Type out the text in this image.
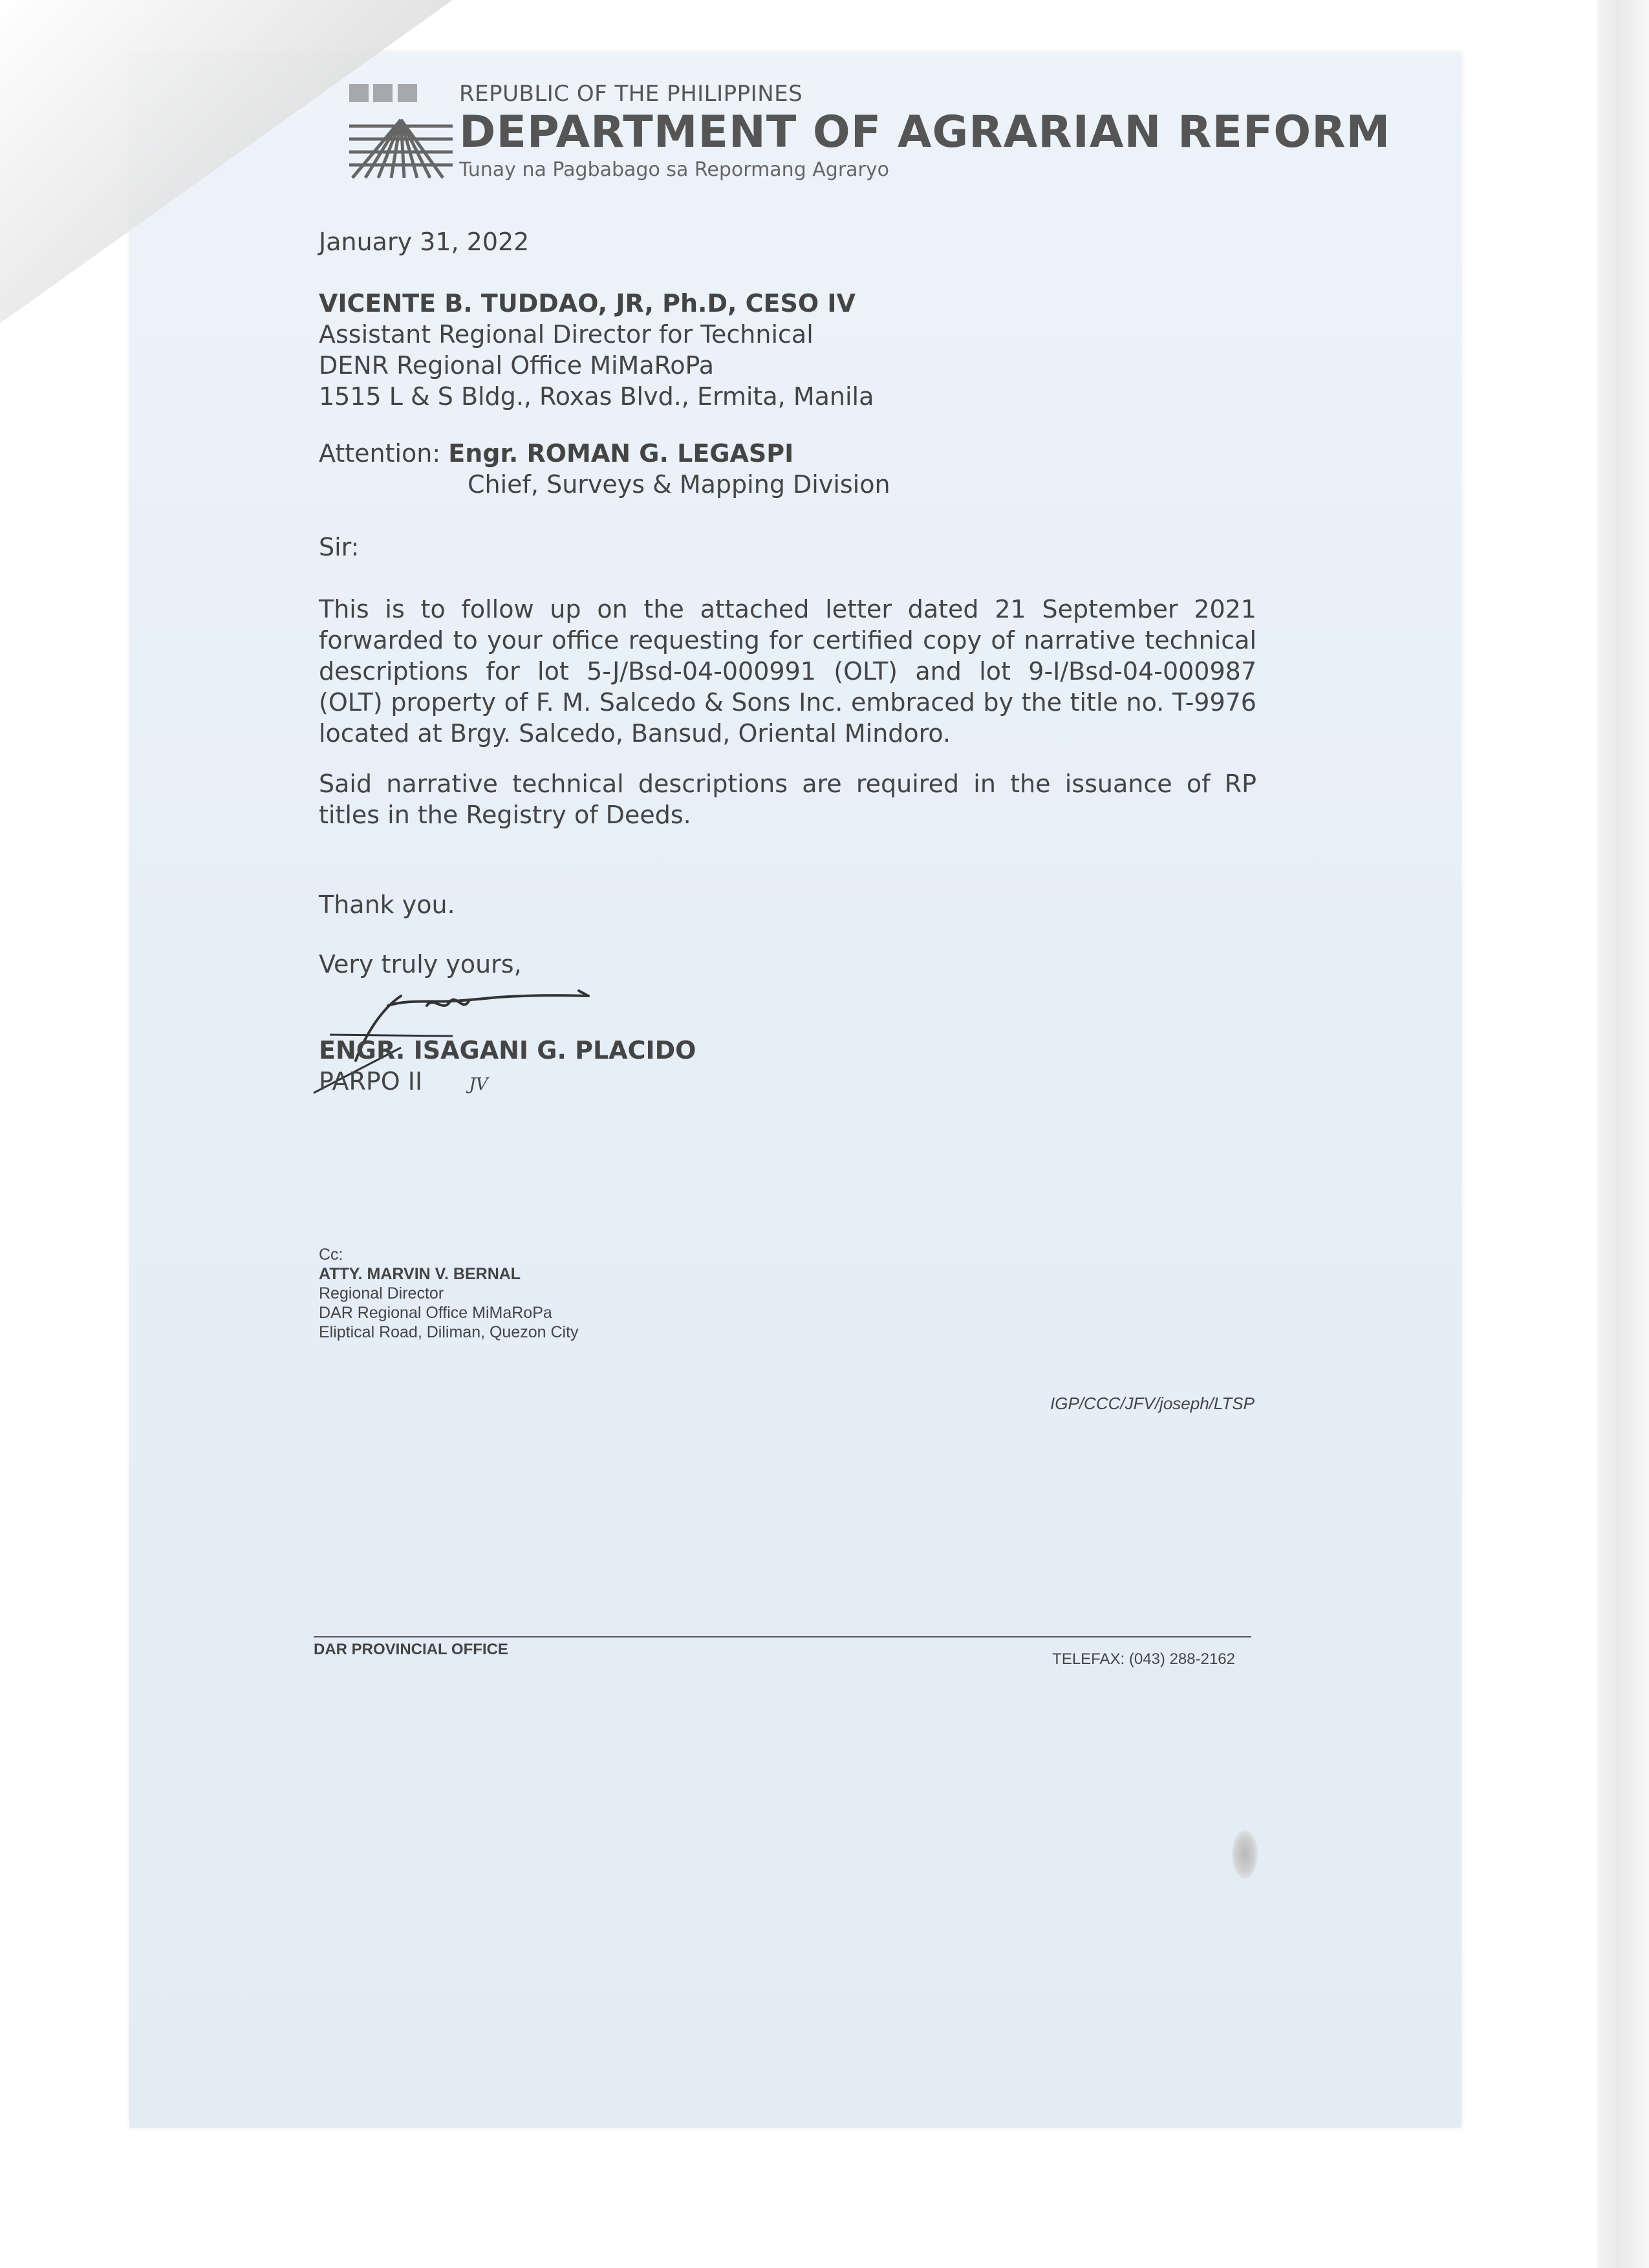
REPUBLIC OF THE PHILIPPINES
DEPARTMENT OF AGRARIAN REFORM
Tunay na Pagbabago sa Repormang Agraryo
January 31, 2022
VICENTE B. TUDDAO, JR, Ph.D, CESO IV
Assistant Regional Director for Technical
DENR Regional Office MiMaRoPa
1515 L & S Bldg., Roxas Blvd., Ermita, Manila
Attention: Engr. ROMAN G. LEGASPI
Chief, Surveys & Mapping Division
Sir:
This is to follow up on the attached letter dated 21 September 2021 forwarded to your office requesting for certified copy of narrative technical descriptions for lot 5-J/Bsd-04-000991 (OLT) and lot 9-I/Bsd-04-000987 (OLT) property of F. M. Salcedo & Sons Inc. embraced by the title no. T-9976 located at Brgy. Salcedo, Bansud, Oriental Mindoro.
Said narrative technical descriptions are required in the issuance of RP titles in the Registry of Deeds.
Thank you.
Very truly yours,
ENGR. ISAGANI G. PLACIDO
PARPO II	JV
Cc:
ATTY. MARVIN V. BERNAL
Regional Director
DAR Regional Office MiMaRoPa
Eliptical Road, Diliman, Quezon City
IGP/CCC/JFV/joseph/LTSP
DAR PROVINCIAL OFFICE
TELEFAX: (043) 288-2162
